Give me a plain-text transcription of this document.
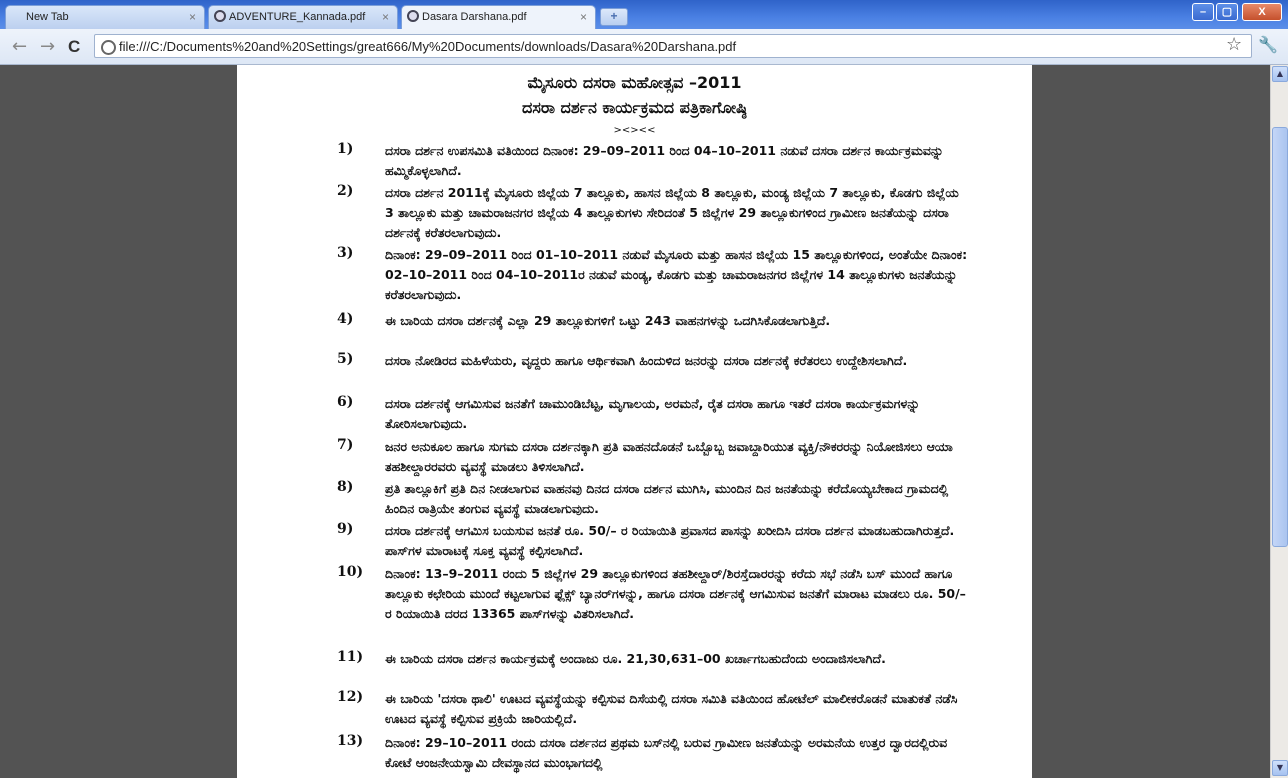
New Tab	×	ADVENTURE_Kannada.pdf ×	Dasara Darshana.pdf	×	+	–	▢	X
← → C	file:///C:/Documents%20and%20Settings/great666/My%20Documents/downloads/Dasara%20Darshana.pdf	☆ 🔧
ಮೈಸೂರು ದಸರಾ ಮಹೋತ್ಸವ –2011
ದಸರಾ ದರ್ಶನ ಕಾರ್ಯಕ್ರಮದ ಪತ್ರಿಕಾಗೋಷ್ಠಿ
><><<
1)	ದಸರಾ ದರ್ಶನ ಉಪಸಮಿತಿ ವತಿಯಿಂದ ದಿನಾಂಕ: 29–09–2011 ರಿಂದ 04–10–2011 ನಡುವೆ ದಸರಾ ದರ್ಶನ ಕಾರ್ಯಕ್ರಮವನ್ನು ಹಮ್ಮಿಕೊಳ್ಳಲಾಗಿದೆ.
2)	ದಸರಾ ದರ್ಶನ 2011ಕ್ಕೆ ಮೈಸೂರು ಜಿಲ್ಲೆಯ 7 ತಾಲ್ಲೂಕು, ಹಾಸನ ಜಿಲ್ಲೆಯ 8 ತಾಲ್ಲೂಕು, ಮಂಡ್ಯ ಜಿಲ್ಲೆಯ 7 ತಾಲ್ಲೂಕು, ಕೊಡಗು ಜಿಲ್ಲೆಯ 3 ತಾಲ್ಲೂಕು ಮತ್ತು ಚಾಮರಾಜನಗರ ಜಿಲ್ಲೆಯ 4 ತಾಲ್ಲೂಕುಗಳು ಸೇರಿದಂತೆ 5 ಜಿಲ್ಲೆಗಳ 29 ತಾಲ್ಲೂಕುಗಳಿಂದ ಗ್ರಾಮೀಣ ಜನತೆಯನ್ನು ದಸರಾ ದರ್ಶನಕ್ಕೆ ಕರೆತರಲಾಗುವುದು.
3)	ದಿನಾಂಕ: 29–09–2011 ರಿಂದ 01–10–2011 ನಡುವೆ ಮೈಸೂರು ಮತ್ತು ಹಾಸನ ಜಿಲ್ಲೆಯ 15 ತಾಲ್ಲೂಕುಗಳಿಂದ, ಅಂತೆಯೇ ದಿನಾಂಕ: 02–10–2011 ರಿಂದ 04–10–2011ರ ನಡುವೆ ಮಂಡ್ಯ, ಕೊಡಗು ಮತ್ತು ಚಾಮರಾಜನಗರ ಜಿಲ್ಲೆಗಳ 14 ತಾಲ್ಲೂಕುಗಳು ಜನತೆಯನ್ನು ಕರೆತರಲಾಗುವುದು.
4)	ಈ ಬಾರಿಯ ದಸರಾ ದರ್ಶನಕ್ಕೆ ಎಲ್ಲಾ 29 ತಾಲ್ಲೂಕುಗಳಿಗೆ ಒಟ್ಟು 243 ವಾಹನಗಳನ್ನು ಒದಗಿಸಿಕೊಡಲಾಗುತ್ತಿದೆ.
5)	ದಸರಾ ನೋಡಿರದ ಮಹಿಳೆಯರು, ವೃದ್ದರು ಹಾಗೂ ಆರ್ಥಿಕವಾಗಿ ಹಿಂದುಳಿದ ಜನರನ್ನು ದಸರಾ ದರ್ಶನಕ್ಕೆ ಕರೆತರಲು ಉದ್ದೇಶಿಸಲಾಗಿದೆ.
6)	ದಸರಾ ದರ್ಶನಕ್ಕೆ ಆಗಮಿಸುವ ಜನತೆಗೆ ಚಾಮುಂಡಿಬೆಟ್ಟ, ಮೃಗಾಲಯ, ಅರಮನೆ, ರೈತ ದಸರಾ ಹಾಗೂ ಇತರೆ ದಸರಾ ಕಾರ್ಯಕ್ರಮಗಳನ್ನು ತೋರಿಸಲಾಗುವುದು.
7)	ಜನರ ಅನುಕೂಲ ಹಾಗೂ ಸುಗಮ ದಸರಾ ದರ್ಶನಕ್ಕಾಗಿ ಪ್ರತಿ ವಾಹನದೊಡನೆ ಒಬ್ಬೊಬ್ಬ ಜವಾಬ್ದಾರಿಯುತ ವ್ಯಕ್ತಿ/ನೌಕರರನ್ನು ನಿಯೋಜಿಸಲು ಆಯಾ ತಹಶೀಲ್ದಾರರವರು ವ್ಯವಸ್ಥೆ ಮಾಡಲು ತಿಳಿಸಲಾಗಿದೆ.
8)	ಪ್ರತಿ ತಾಲ್ಲೂಕಿಗೆ ಪ್ರತಿ ದಿನ ನೀಡಲಾಗುವ ವಾಹನವು ದಿನದ ದಸರಾ ದರ್ಶನ ಮುಗಿಸಿ, ಮುಂದಿನ ದಿನ ಜನತೆಯನ್ನು ಕರೆದೊಯ್ಯಬೇಕಾದ ಗ್ರಾಮದಲ್ಲಿ ಹಿಂದಿನ ರಾತ್ರಿಯೇ ತಂಗುವ ವ್ಯವಸ್ಥೆ ಮಾಡಲಾಗುವುದು.
9)	ದಸರಾ ದರ್ಶನಕ್ಕೆ ಆಗಮಿಸ ಬಯಸುವ ಜನತೆ ರೂ. 50/– ರ ರಿಯಾಯಿತಿ ಪ್ರವಾಸದ ಪಾಸನ್ನು ಖರೀದಿಸಿ ದಸರಾ ದರ್ಶನ ಮಾಡಬಹುದಾಗಿರುತ್ತದೆ. ಪಾಸ್‌ಗಳ ಮಾರಾಟಕ್ಕೆ ಸೂಕ್ತ ವ್ಯವಸ್ಥೆ ಕಲ್ಪಿಸಲಾಗಿದೆ.
10) ದಿನಾಂಕ: 13–9–2011 ರಂದು 5 ಜಿಲ್ಲೆಗಳ 29 ತಾಲ್ಲೂಕುಗಳಿಂದ ತಹಶೀಲ್ದಾರ್/ಶಿರಸ್ತೆದಾರರನ್ನು ಕರೆದು ಸಭೆ ನಡೆಸಿ ಬಸ್ ಮುಂದೆ ಹಾಗೂ ತಾಲ್ಲೂಕು ಕಛೇರಿಯ ಮುಂದೆ ಕಟ್ಟಲಾಗುವ ಫ್ಲೆಕ್ಸ್ ಬ್ಯಾನರ್‌ಗಳನ್ನು, ಹಾಗೂ ದಸರಾ ದರ್ಶನಕ್ಕೆ ಆಗಮಿಸುವ ಜನತೆಗೆ ಮಾರಾಟ ಮಾಡಲು ರೂ. 50/– ರ ರಿಯಾಯಿತಿ ದರದ 13365 ಪಾಸ್‌ಗಳನ್ನು ವಿತರಿಸಲಾಗಿದೆ.
11) ಈ ಬಾರಿಯ ದಸರಾ ದರ್ಶನ ಕಾರ್ಯಕ್ರಮಕ್ಕೆ ಅಂದಾಜು ರೂ. 21,30,631–00 ಖರ್ಚಾಗಬಹುದೆಂದು ಅಂದಾಜಿಸಲಾಗಿದೆ.
12) ಈ ಬಾರಿಯ 'ದಸರಾ ಥಾಲಿ' ಊಟದ ವ್ಯವಸ್ಥೆಯನ್ನು ಕಲ್ಪಿಸುವ ದಿಸೆಯಲ್ಲಿ ದಸರಾ ಸಮಿತಿ ವತಿಯಿಂದ ಹೋಟೆಲ್ ಮಾಲೀಕರೊಡನೆ ಮಾತುಕತೆ ನಡೆಸಿ ಊಟದ ವ್ಯವಸ್ಥೆ ಕಲ್ಪಿಸುವ ಪ್ರಕ್ರಿಯೆ ಜಾರಿಯಲ್ಲಿದೆ.
13) ದಿನಾಂಕ: 29–10–2011 ರಂದು ದಸರಾ ದರ್ಶನದ ಪ್ರಥಮ ಬಸ್‌ನಲ್ಲಿ ಬರುವ ಗ್ರಾಮೀಣ ಜನತೆಯನ್ನು ಅರಮನೆಯ ಉತ್ತರ ದ್ವಾರದಲ್ಲಿರುವ ಕೋಟೆ ಆಂಜನೇಯಸ್ವಾಮಿ ದೇವಸ್ಥಾನದ ಮುಂಭಾಗದಲ್ಲಿ
▲
▼
